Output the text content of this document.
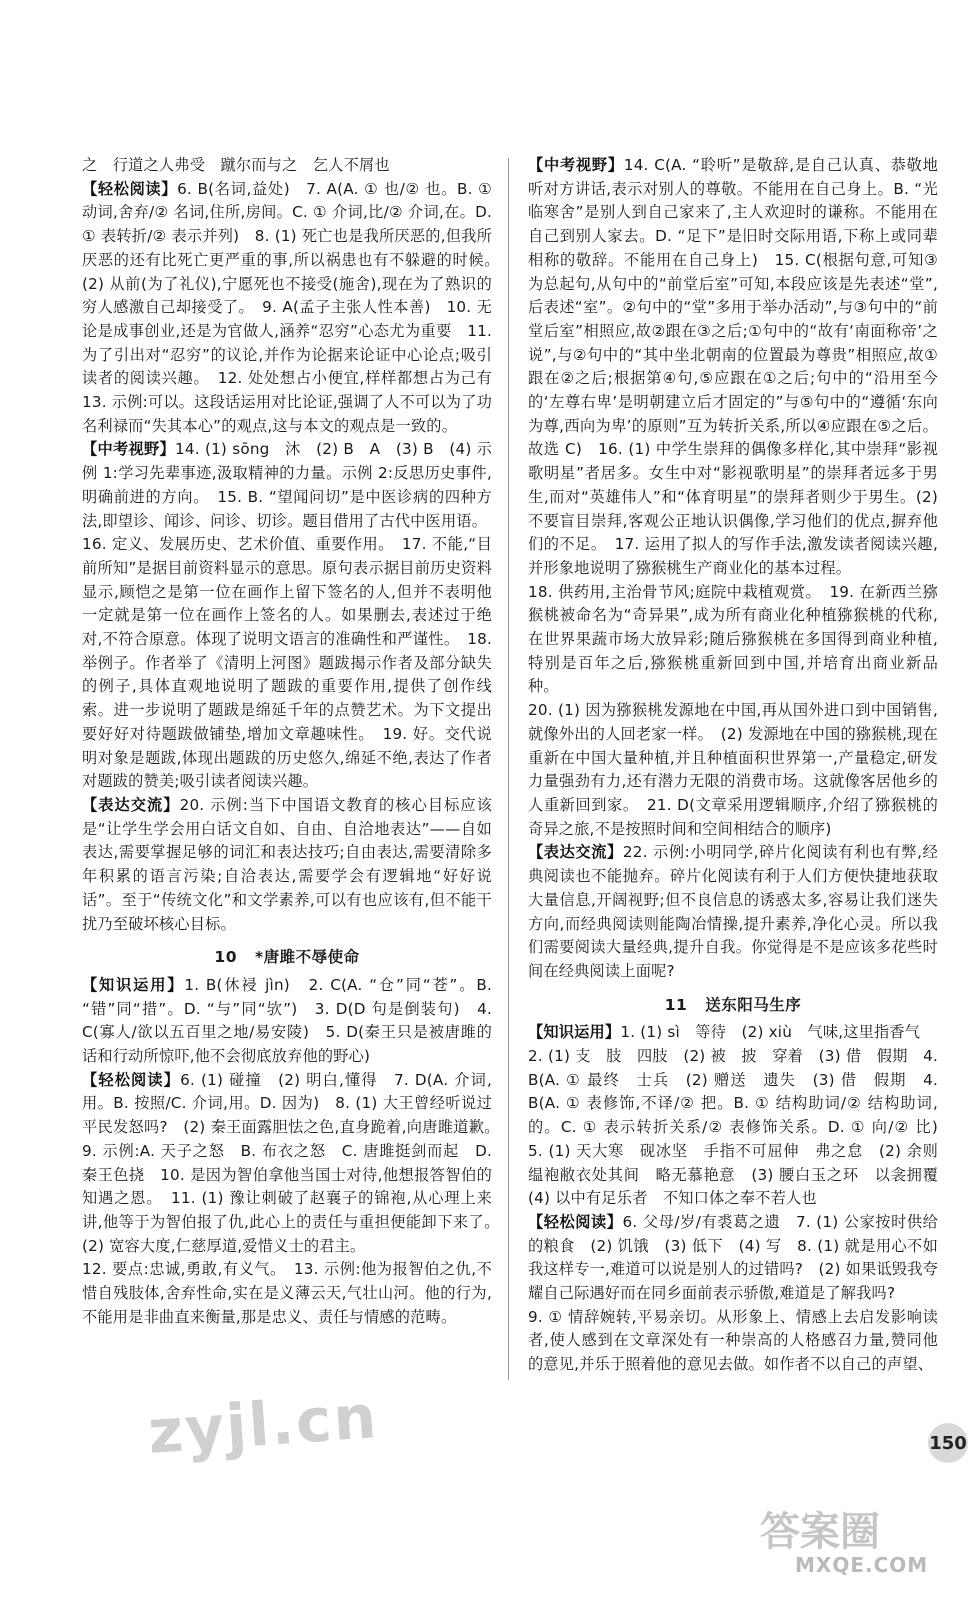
之　行道之人弗受　蹴尔而与之　乞人不屑也

【轻松阅读】6. B(名词,益处)　7. A(A. ① 也/② 也。B. ① 动词,舍弃/② 名词,住所,房间。C. ① 介词,比/② 介词,在。D. ① 表转折/② 表示并列)　8. (1) 死亡也是我所厌恶的,但我所厌恶的还有比死亡更严重的事,所以祸患也有不躲避的时候。　(2) 从前(为了礼仪),宁愿死也不接受(施舍),现在为了熟识的穷人感激自己却接受了。　9. A(孟子主张人性本善)　10. 无论是成事创业,还是为官做人,涵养“忍穷”心态尤为重要　11. 为了引出对“忍穷”的议论,并作为论据来论证中心论点;吸引读者的阅读兴趣。　12. 处处想占小便宜,样样都想占为己有　13. 示例:可以。这段话运用对比论证,强调了人不可以为了功名利禄而“失其本心”的观点,这与本文的观点是一致的。

【中考视野】14. (1) sōng　沐　(2) B　A　(3) B　(4) 示例 1:学习先辈事迹,汲取精神的力量。示例 2:反思历史事件,明确前进的方向。　15. B. “望闻问切”是中医诊病的四种方法,即望诊、闻诊、问诊、切诊。题目借用了古代中医用语。

16. 定义、发展历史、艺术价值、重要作用。　17. 不能,“目前所知”是据目前资料显示的意思。原句表示据目前历史资料显示,顾恺之是第一位在画作上留下签名的人,但并不表明他一定就是第一位在画作上签名的人。如果删去,表述过于绝对,不符合原意。体现了说明文语言的准确性和严谨性。　18. 举例子。作者举了《清明上河图》题跋揭示作者及部分缺失的例子,具体直观地说明了题跋的重要作用,提供了创作线索。进一步说明了题跋是绵延千年的点赞艺术。为下文提出要好好对待题跋做铺垫,增加文章趣味性。　19. 好。交代说明对象是题跋,体现出题跋的历史悠久,绵延不绝,表达了作者对题跋的赞美;吸引读者阅读兴趣。

【表达交流】20. 示例:当下中国语文教育的核心目标应该是“让学生学会用白话文自如、自由、自洽地表达”——自如表达,需要掌握足够的词汇和表达技巧;自由表达,需要清除多年积累的语言污染;自洽表达,需要学会有逻辑地“好好说话”。至于“传统文化”和文学素养,可以有也应该有,但不能干扰乃至破坏核心目标。

10 *唐雎不辱使命

【知识运用】1. B(休祲 jìn)　2. C(A. “仓”同“苍”。B. “错”同“措”。D. “与”同“欤”)　3. D(D 句是倒装句)　4. C(寡人/欲以五百里之地/易安陵)　5. D(秦王只是被唐雎的话和行动所惊吓,他不会彻底放弃他的野心)

【轻松阅读】6. (1) 碰撞　(2) 明白,懂得　7. D(A. 介词,用。B. 按照/C. 介词,用。D. 因为)　8. (1) 大王曾经听说过平民发怒吗?　(2) 秦王面露胆怯之色,直身跪着,向唐雎道歉。　9. 示例:A. 天子之怒　B. 布衣之怒　C. 唐雎挺剑而起　D. 秦王色挠　10. 是因为智伯拿他当国士对待,他想报答智伯的知遇之恩。　11. (1) 豫让刺破了赵襄子的锦袍,从心理上来讲,他等于为智伯报了仇,此心上的责任与重担便能卸下来了。　(2) 宽容大度,仁慈厚道,爱惜义士的君主。

12. 要点:忠诚,勇敢,有义气。　13. 示例:他为报智伯之仇,不惜自残肢体,舍弃性命,实在是义薄云天,气壮山河。他的行为,不能用是非曲直来衡量,那是忠义、责任与情感的范畴。

【中考视野】14. C(A. “聆听”是敬辞,是自己认真、恭敬地听对方讲话,表示对别人的尊敬。不能用在自己身上。B. “光临寒舍”是别人到自己家来了,主人欢迎时的谦称。不能用在自己到别人家去。D. “足下”是旧时交际用语,下称上或同辈相称的敬辞。不能用在自己身上)　15. C(根据句意,可知③为总起句,从句中的“前堂后室”可知,本段应该是先表述“堂”,后表述“室”。②句中的“堂”多用于举办活动”,与③句中的“前堂后室”相照应,故②跟在③之后;①句中的“故有‘南面称帝’之说”,与②句中的“其中坐北朝南的位置最为尊贵”相照应,故①跟在②之后;根据第④句,⑤应跟在①之后;句中的“沿用至今的‘左尊右卑’是明朝建立后才固定的”与⑤句中的“遵循‘东向为尊,西向为卑’的原则”互为转折关系,所以④应跟在⑤之后。故选 C)　16. (1) 中学生崇拜的偶像多样化,其中崇拜“影视歌明星”者居多。女生中对“影视歌明星”的崇拜者远多于男生,而对“英雄伟人”和“体育明星”的崇拜者则少于男生。(2) 不要盲目崇拜,客观公正地认识偶像,学习他们的优点,摒弃他们的不足。　17. 运用了拟人的写作手法,激发读者阅读兴趣,并形象地说明了猕猴桃生产商业化的基本过程。

18. 供药用,主治骨节风;庭院中栽植观赏。　19. 在新西兰猕猴桃被命名为“奇异果”,成为所有商业化种植猕猴桃的代称,在世界果蔬市场大放异彩;随后猕猴桃在多国得到商业种植,特别是百年之后,猕猴桃重新回到中国,并培育出商业新品种。

20. (1) 因为猕猴桃发源地在中国,再从国外进口到中国销售,就像外出的人回老家一样。　(2) 发源地在中国的猕猴桃,现在重新在中国大量种植,并且种植面积世界第一,产量稳定,研发力量强劲有力,还有潜力无限的消费市场。这就像客居他乡的人重新回到家。　21. D(文章采用逻辑顺序,介绍了猕猴桃的奇异之旅,不是按照时间和空间相结合的顺序)

【表达交流】22. 示例:小明同学,碎片化阅读有利也有弊,经典阅读也不能抛弃。碎片化阅读有利于人们方便快捷地获取大量信息,开阔视野;但不良信息的诱惑太多,容易让我们迷失方向,而经典阅读则能陶冶情操,提升素养,净化心灵。所以我们需要阅读大量经典,提升自我。你觉得是不是应该多花些时间在经典阅读上面呢?

11 送东阳马生序

【知识运用】1. (1) sì　等待　(2) xiù　气味,这里指香气

2. (1) 支　肢　四肢　(2) 被　披　穿着　(3) 借　假期　4. B(A. ① 最终　士兵　(2) 赠送　遗失　(3) 借　假期　4. B(A. ① 表修饰,不译/② 把。B. ① 结构助词/② 结构助词,的。C. ① 表示转折关系/② 表修饰关系。D. ① 向/② 比)　5. (1) 天大寒　砚冰坚　手指不可屈伸　弗之怠　(2) 余则缊袍敝衣处其间　略无慕艳意　(3) 腰白玉之环　以衾拥覆　(4) 以中有足乐者　不知口体之奉不若人也

【轻松阅读】6. 父母/岁/有裘葛之遗　7. (1) 公家按时供给的粮食　(2) 饥饿　(3) 低下　(4) 写　8. (1) 就是用心不如我这样专一,难道可以说是别人的过错吗?　(2) 如果诋毁我夸耀自己际遇好而在同乡面前表示骄傲,难道是了解我吗?

9. ① 情辞婉转,平易亲切。从形象上、情感上去启发影响读者,使人感到在文章深处有一种崇高的人格感召力量,赞同他的意见,并乐于照着他的意见去做。如作者不以自己的声望、

150
zyjl.cn
答案圈
MXQE.COM
